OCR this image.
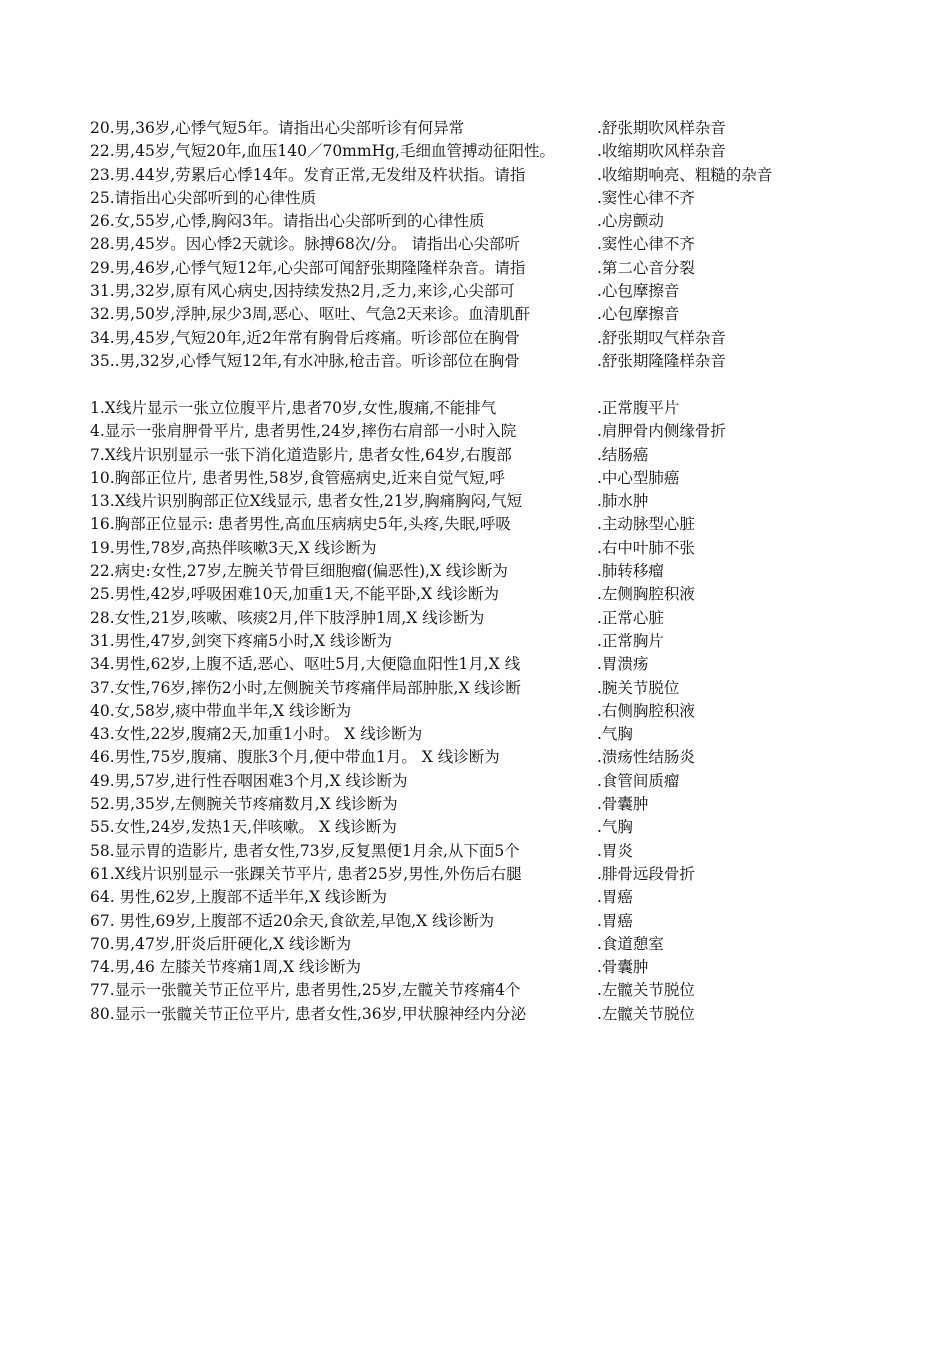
20.男,36岁,心悸气短5年。请指出心尖部听诊有何异常	.舒张期吹风样杂音
22.男,45岁,气短20年,血压140／70mmHg,毛细血管搏动征阳性。	.收缩期吹风样杂音
23.男.44岁,劳累后心悸14年。发育正常,无发绀及杵状指。请指	.收缩期响亮、粗糙的杂音
25.请指出心尖部听到的心律性质	.窦性心律不齐
26.女,55岁,心悸,胸闷3年。请指出心尖部听到的心律性质	.心房颤动
28.男,45岁。因心悸2天就诊。脉搏68次/分。 请指出心尖部听	.窦性心律不齐
29.男,46岁,心悸气短12年,心尖部可闻舒张期隆隆样杂音。请指	.第二心音分裂
31.男,32岁,原有风心病史,因持续发热2月,乏力,来诊,心尖部可	.心包摩擦音
32.男,50岁,浮肿,尿少3周,恶心、呕吐、气急2天来诊。血清肌酐	.心包摩擦音
34.男,45岁,气短20年,近2年常有胸骨后疼痛。听诊部位在胸骨	.舒张期叹气样杂音
35..男,32岁,心悸气短12年,有水冲脉,枪击音。听诊部位在胸骨	.舒张期隆隆样杂音
1.X线片显示一张立位腹平片,患者70岁,女性,腹痛,不能排气	.正常腹平片
4.显示一张肩胛骨平片, 患者男性,24岁,摔伤右肩部一小时入院	.肩胛骨内侧缘骨折
7.X线片识别显示一张下消化道造影片, 患者女性,64岁,右腹部	.结肠癌
10.胸部正位片, 患者男性,58岁,食管癌病史,近来自觉气短,呼	.中心型肺癌
13.X线片识别胸部正位X线显示, 患者女性,21岁,胸痛胸闷,气短	.肺水肿
16.胸部正位显示: 患者男性,高血压病病史5年,头疼,失眠,呼吸	.主动脉型心脏
19.男性,78岁,高热伴咳嗽3天,X 线诊断为	.右中叶肺不张
22.病史:女性,27岁,左腕关节骨巨细胞瘤(偏恶性),X 线诊断为	.肺转移瘤
25.男性,42岁,呼吸困难10天,加重1天,不能平卧,X 线诊断为	.左侧胸腔积液
28.女性,21岁,咳嗽、咳痰2月,伴下肢浮肿1周,X 线诊断为	.正常心脏
31.男性,47岁,剑突下疼痛5小时,X 线诊断为	.正常胸片
34.男性,62岁,上腹不适,恶心、呕吐5月,大便隐血阳性1月,X 线	.胃溃疡
37.女性,76岁,摔伤2小时,左侧腕关节疼痛伴局部肿胀,X 线诊断	.腕关节脱位
40.女,58岁,痰中带血半年,X 线诊断为	.右侧胸腔积液
43.女性,22岁,腹痛2天,加重1小时。 X 线诊断为	.气胸
46.男性,75岁,腹痛、腹胀3个月,便中带血1月。 X 线诊断为	.溃疡性结肠炎
49.男,57岁,进行性吞咽困难3个月,X 线诊断为	.食管间质瘤
52.男,35岁,左侧腕关节疼痛数月,X 线诊断为	.骨囊肿
55.女性,24岁,发热1天,伴咳嗽。 X 线诊断为	.气胸
58.显示胃的造影片, 患者女性,73岁,反复黑便1月余,从下面5个	.胃炎
61.X线片识别显示一张踝关节平片, 患者25岁,男性,外伤后右腿	.腓骨远段骨折
64. 男性,62岁,上腹部不适半年,X 线诊断为	.胃癌
67. 男性,69岁,上腹部不适20余天,食欲差,早饱,X 线诊断为	.胃癌
70.男,47岁,肝炎后肝硬化,X 线诊断为	.食道憩室
74.男,46 左膝关节疼痛1周,X 线诊断为	.骨囊肿
77.显示一张髋关节正位平片, 患者男性,25岁,左髋关节疼痛4个	.左髋关节脱位
80.显示一张髋关节正位平片, 患者女性,36岁,甲状腺神经内分泌	.左髋关节脱位
